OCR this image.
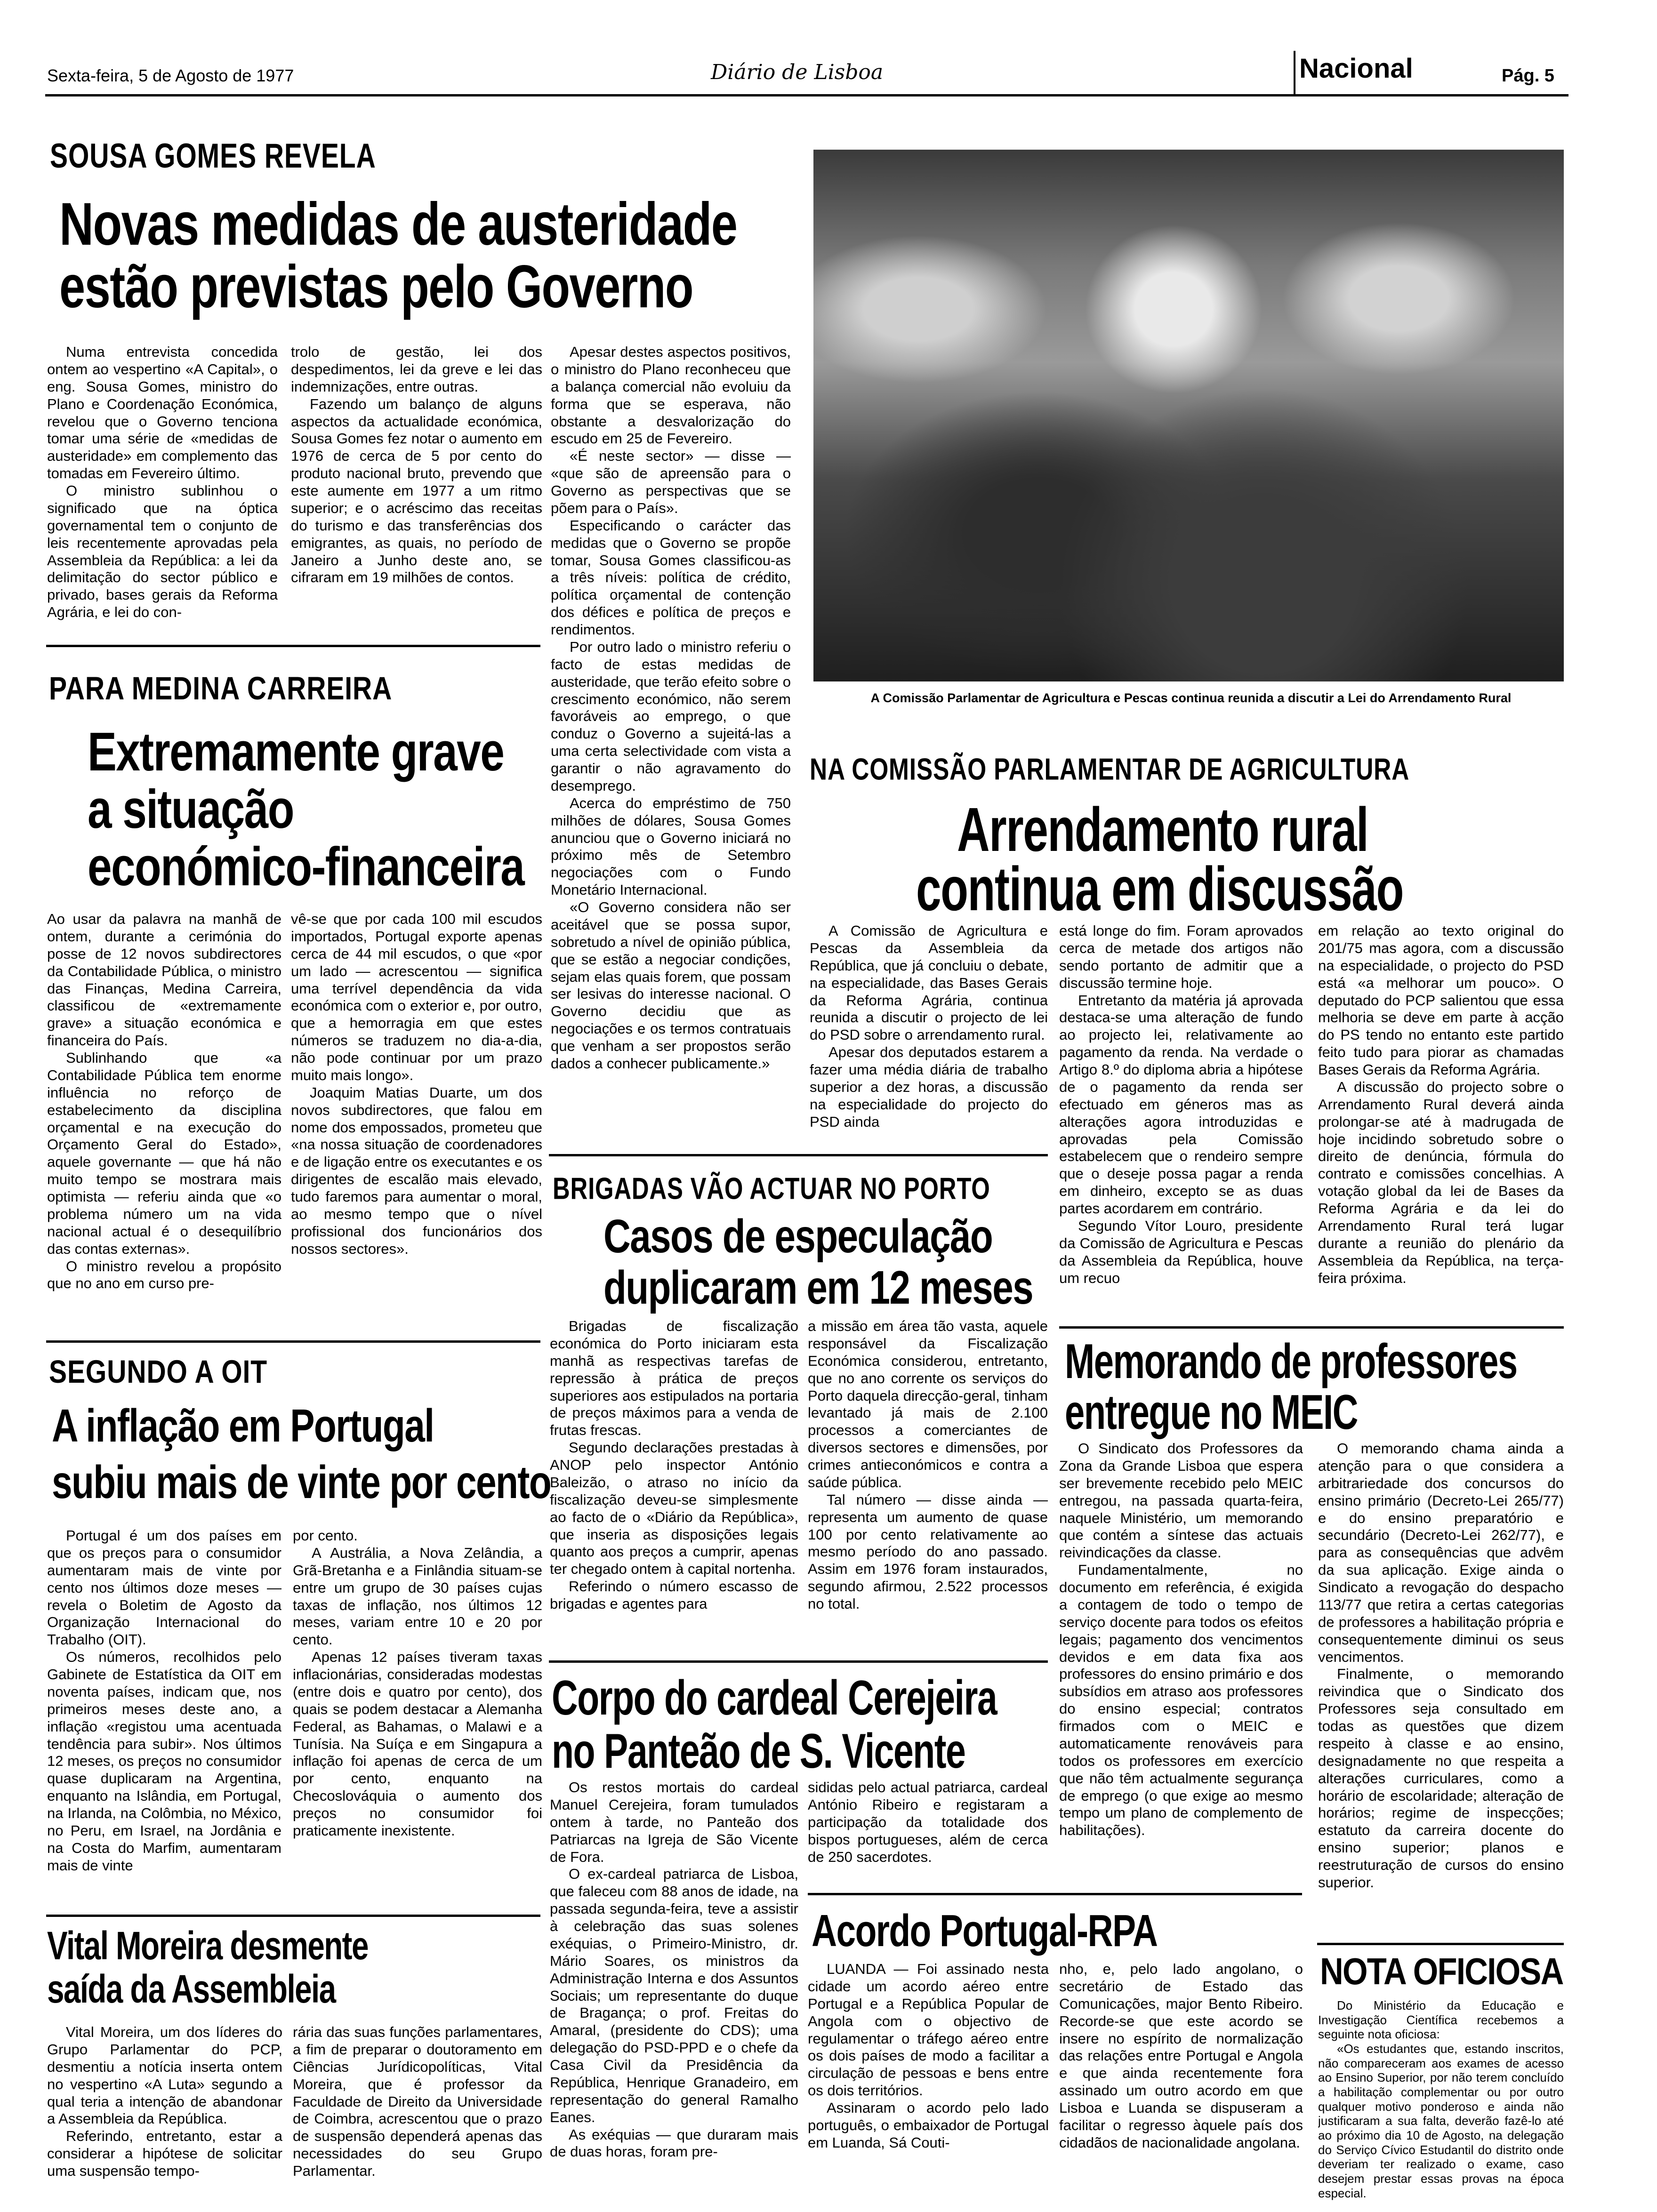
Sexta-feira, 5 de Agosto de 1977	Diário de Lisboa	Nacional	Pág. 5
SOUSA GOMES REVELA
Novas medidas de austeridade
estão previstas pelo Governo

Numa entrevista concedida ontem ao vespertino «A Capital», o eng. Sousa Gomes, ministro do Plano e Coordenação Económica, revelou que o Governo tenciona tomar uma série de «medidas de austeridade» em complemento das tomadas em Fevereiro último.

O ministro sublinhou o significado que na óptica governamental tem o conjunto de leis recentemente aprovadas pela Assembleia da República: a lei da delimitação do sector público e privado, bases gerais da Reforma Agrária, e lei do con-

trolo de gestão, lei dos despedimentos, lei da greve e lei das indemnizações, entre outras.

Fazendo um balanço de alguns aspectos da actualidade económica, Sousa Gomes fez notar o aumento em 1976 de cerca de 5 por cento do produto nacional bruto, prevendo que este aumente em 1977 a um ritmo superior; e o acréscimo das receitas do turismo e das transferências dos emigrantes, as quais, no período de Janeiro a Junho deste ano, se cifraram em 19 milhões de contos.

Apesar destes aspectos positivos, o ministro do Plano reconheceu que a balança comercial não evoluiu da forma que se esperava, não obstante a desvalorização do escudo em 25 de Fevereiro.

«É neste sector» — disse — «que são de apreensão para o Governo as perspectivas que se põem para o País».

Especificando o carácter das medidas que o Governo se propõe tomar, Sousa Gomes classificou-as a três níveis: política de crédito, política orçamental de contenção dos défices e política de preços e rendimentos.

Por outro lado o ministro referiu o facto de estas medidas de austeridade, que terão efeito sobre o crescimento económico, não serem favoráveis ao emprego, o que conduz o Governo a sujeitá-las a uma certa selectividade com vista a garantir o não agravamento do desemprego.

Acerca do empréstimo de 750 milhões de dólares, Sousa Gomes anunciou que o Governo iniciará no próximo mês de Setembro negociações com o Fundo Monetário Internacional.

«O Governo considera não ser aceitável que se possa supor, sobretudo a nível de opinião pública, que se estão a negociar condições, sejam elas quais forem, que possam ser lesivas do interesse nacional. O Governo decidiu que as negociações e os termos contratuais que venham a ser propostos serão dados a conhecer publicamente.»

A Comissão Parlamentar de Agricultura e Pescas continua reunida a discutir a Lei do Arrendamento Rural
PARA MEDINA CARREIRA
Extremamente grave
a situação
económico-financeira

Ao usar da palavra na manhã de ontem, durante a cerimónia do posse de 12 novos subdirectores da Contabilidade Pública, o ministro das Finanças, Medina Carreira, classificou de «extremamente grave» a situação económica e financeira do País.

Sublinhando que «a Contabilidade Pública tem enorme influência no reforço de estabelecimento da disciplina orçamental e na execução do Orçamento Geral do Estado», aquele governante — que há não muito tempo se mostrara mais optimista — referiu ainda que «o problema número um na vida nacional actual é o desequilíbrio das contas externas».

O ministro revelou a propósito que no ano em curso pre-

vê-se que por cada 100 mil escudos importados, Portugal exporte apenas cerca de 44 mil escudos, o que «por um lado — acrescentou — significa uma terrível dependência da vida económica com o exterior e, por outro, que a hemorragia em que estes números se traduzem no dia-a-dia, não pode continuar por um prazo muito mais longo».

Joaquim Matias Duarte, um dos novos subdirectores, que falou em nome dos empossados, prometeu que «na nossa situação de coordenadores e de ligação entre os executantes e os dirigentes de escalão mais elevado, tudo faremos para aumentar o moral, ao mesmo tempo que o nível profissional dos funcionários dos nossos sectores».

NA COMISSÃO PARLAMENTAR DE AGRICULTURA
Arrendamento rural
continua em discussão

A Comissão de Agricultura e Pescas da Assembleia da República, que já concluiu o debate, na especialidade, das Bases Gerais da Reforma Agrária, continua reunida a discutir o projecto de lei do PSD sobre o arrendamento rural.

Apesar dos deputados estarem a fazer uma média diária de trabalho superior a dez horas, a discussão na especialidade do projecto do PSD ainda

está longe do fim. Foram aprovados cerca de metade dos artigos não sendo portanto de admitir que a discussão termine hoje.

Entretanto da matéria já aprovada destaca-se uma alteração de fundo ao projecto lei, relativamente ao pagamento da renda. Na verdade o Artigo 8.º do diploma abria a hipótese de o pagamento da renda ser efectuado em géneros mas as alterações agora introduzidas e aprovadas pela Comissão estabelecem que o rendeiro sempre que o deseje possa pagar a renda em dinheiro, excepto se as duas partes acordarem em contrário.

Segundo Vítor Louro, presidente da Comissão de Agricultura e Pescas da Assembleia da República, houve um recuo

em relação ao texto original do 201/75 mas agora, com a discussão na especialidade, o projecto do PSD está «a melhorar um pouco». O deputado do PCP salientou que essa melhoria se deve em parte à acção do PS tendo no entanto este partido feito tudo para piorar as chamadas Bases Gerais da Reforma Agrária.

A discussão do projecto sobre o Arrendamento Rural deverá ainda prolongar-se até à madrugada de hoje incidindo sobretudo sobre o direito de denúncia, fórmula do contrato e comissões concelhias. A votação global da lei de Bases da Reforma Agrária e da lei do Arrendamento Rural terá lugar durante a reunião do plenário da Assembleia da República, na terça-feira próxima.

BRIGADAS VÃO ACTUAR NO PORTO
Casos de especulação
duplicaram em 12 meses

Brigadas de fiscalização económica do Porto iniciaram esta manhã as respectivas tarefas de repressão à prática de preços superiores aos estipulados na portaria de preços máximos para a venda de frutas frescas.

Segundo declarações prestadas à ANOP pelo inspector António Baleizão, o atraso no início da fiscalização deveu-se simplesmente ao facto de o «Diário da República», que inseria as disposições legais quanto aos preços a cumprir, apenas ter chegado ontem à capital nortenha.

Referindo o número escasso de brigadas e agentes para

a missão em área tão vasta, aquele responsável da Fiscalização Económica considerou, entretanto, que no ano corrente os serviços do Porto daquela direcção-geral, tinham levantado já mais de 2.100 processos a comerciantes de diversos sectores e dimensões, por crimes antieconómicos e contra a saúde pública.

Tal número — disse ainda — representa um aumento de quase 100 por cento relativamente ao mesmo período do ano passado. Assim em 1976 foram instaurados, segundo afirmou, 2.522 processos no total.

SEGUNDO A OIT
A inflação em Portugal
subiu mais de vinte por cento

Portugal é um dos países em que os preços para o consumidor aumentaram mais de vinte por cento nos últimos doze meses — revela o Boletim de Agosto da Organização Internacional do Trabalho (OIT).

Os números, recolhidos pelo Gabinete de Estatística da OIT em noventa países, indicam que, nos primeiros meses deste ano, a inflação «registou uma acentuada tendência para subir». Nos últimos 12 meses, os preços no consumidor quase duplicaram na Argentina, enquanto na Islândia, em Portugal, na Irlanda, na Colômbia, no México, no Peru, em Israel, na Jordânia e na Costa do Marfim, aumentaram mais de vinte

por cento.

A Austrália, a Nova Zelândia, a Grã-Bretanha e a Finlândia situam-se entre um grupo de 30 países cujas taxas de inflação, nos últimos 12 meses, variam entre 10 e 20 por cento.

Apenas 12 países tiveram taxas inflacionárias, consideradas modestas (entre dois e quatro por cento), dos quais se podem destacar a Alemanha Federal, as Bahamas, o Malawi e a Tunísia. Na Suíça e em Singapura a inflação foi apenas de cerca de um por cento, enquanto na Checoslováquia o aumento dos preços no consumidor foi praticamente inexistente.

Memorando de professores
entregue no MEIC

O Sindicato dos Professores da Zona da Grande Lisboa que espera ser brevemente recebido pelo MEIC entregou, na passada quarta-feira, naquele Ministério, um memorando que contém a síntese das actuais reivindicações da classe.

Fundamentalmente, no documento em referência, é exigida a contagem de todo o tempo de serviço docente para todos os efeitos legais; pagamento dos vencimentos devidos e em data fixa aos professores do ensino primário e dos subsídios em atraso aos professores do ensino especial; contratos firmados com o MEIC e automaticamente renováveis para todos os professores em exercício que não têm actualmente segurança de emprego (o que exige ao mesmo tempo um plano de complemento de habilitações).

O memorando chama ainda a atenção para o que considera a arbitrariedade dos concursos do ensino primário (Decreto-Lei 265/77) e do ensino preparatório e secundário (Decreto-Lei 262/77), e para as consequências que advêm da sua aplicação. Exige ainda o Sindicato a revogação do despacho 113/77 que retira a certas categorias de professores a habilitação própria e consequentemente diminui os seus vencimentos.

Finalmente, o memorando reivindica que o Sindicato dos Professores seja consultado em todas as questões que dizem respeito à classe e ao ensino, designadamente no que respeita a alterações curriculares, como a horário de escolaridade; alteração de horários; regime de inspecções; estatuto da carreira docente do ensino superior; planos e reestruturação de cursos do ensino superior.

Corpo do cardeal Cerejeira
no Panteão de S. Vicente

Os restos mortais do cardeal Manuel Cerejeira, foram tumulados ontem à tarde, no Panteão dos Patriarcas na Igreja de São Vicente de Fora.

O ex-cardeal patriarca de Lisboa, que faleceu com 88 anos de idade, na passada segunda-feira, teve a assistir à celebração das suas solenes exéquias, o Primeiro-Ministro, dr. Mário Soares, os ministros da Administração Interna e dos Assuntos Sociais; um representante do duque de Bragança; o prof. Freitas do Amaral, (presidente do CDS); uma delegação do PSD-PPD e o chefe da Casa Civil da Presidência da República, Henrique Granadeiro, em representação do general Ramalho Eanes.

As exéquias — que duraram mais de duas horas, foram pre-

sididas pelo actual patriarca, cardeal António Ribeiro e registaram a participação da totalidade dos bispos portugueses, além de cerca de 250 sacerdotes.

Vital Moreira desmente
saída da Assembleia

Vital Moreira, um dos líderes do Grupo Parlamentar do PCP, desmentiu a notícia inserta ontem no vespertino «A Luta» segundo a qual teria a intenção de abandonar a Assembleia da República.

Referindo, entretanto, estar a considerar a hipótese de solicitar uma suspensão tempo-

rária das suas funções parlamentares, a fim de preparar o doutoramento em Ciências Jurídicopolíticas, Vital Moreira, que é professor da Faculdade de Direito da Universidade de Coimbra, acrescentou que o prazo de suspensão dependerá apenas das necessidades do seu Grupo Parlamentar.

Acordo Portugal-RPA

LUANDA — Foi assinado nesta cidade um acordo aéreo entre Portugal e a República Popular de Angola com o objectivo de regulamentar o tráfego aéreo entre os dois países de modo a facilitar a circulação de pessoas e bens entre os dois territórios.

Assinaram o acordo pelo lado português, o embaixador de Portugal em Luanda, Sá Couti-

nho, e, pelo lado angolano, o secretário de Estado das Comunicações, major Bento Ribeiro. Recorde-se que este acordo se insere no espírito de normalização das relações entre Portugal e Angola e que ainda recentemente fora assinado um outro acordo em que Lisboa e Luanda se dispuseram a facilitar o regresso àquele país dos cidadãos de nacionalidade angolana.

NOTA OFICIOSA

Do Ministério da Educação e Investigação Científica recebemos a seguinte nota oficiosa:

«Os estudantes que, estando inscritos, não compareceram aos exames de acesso ao Ensino Superior, por não terem concluído a habilitação complementar ou por outro qualquer motivo ponderoso e ainda não justificaram a sua falta, deverão fazê-lo até ao próximo dia 10 de Agosto, na delegação do Serviço Cívico Estudantil do distrito onde deveriam ter realizado o exame, caso desejem prestar essas provas na época especial.
